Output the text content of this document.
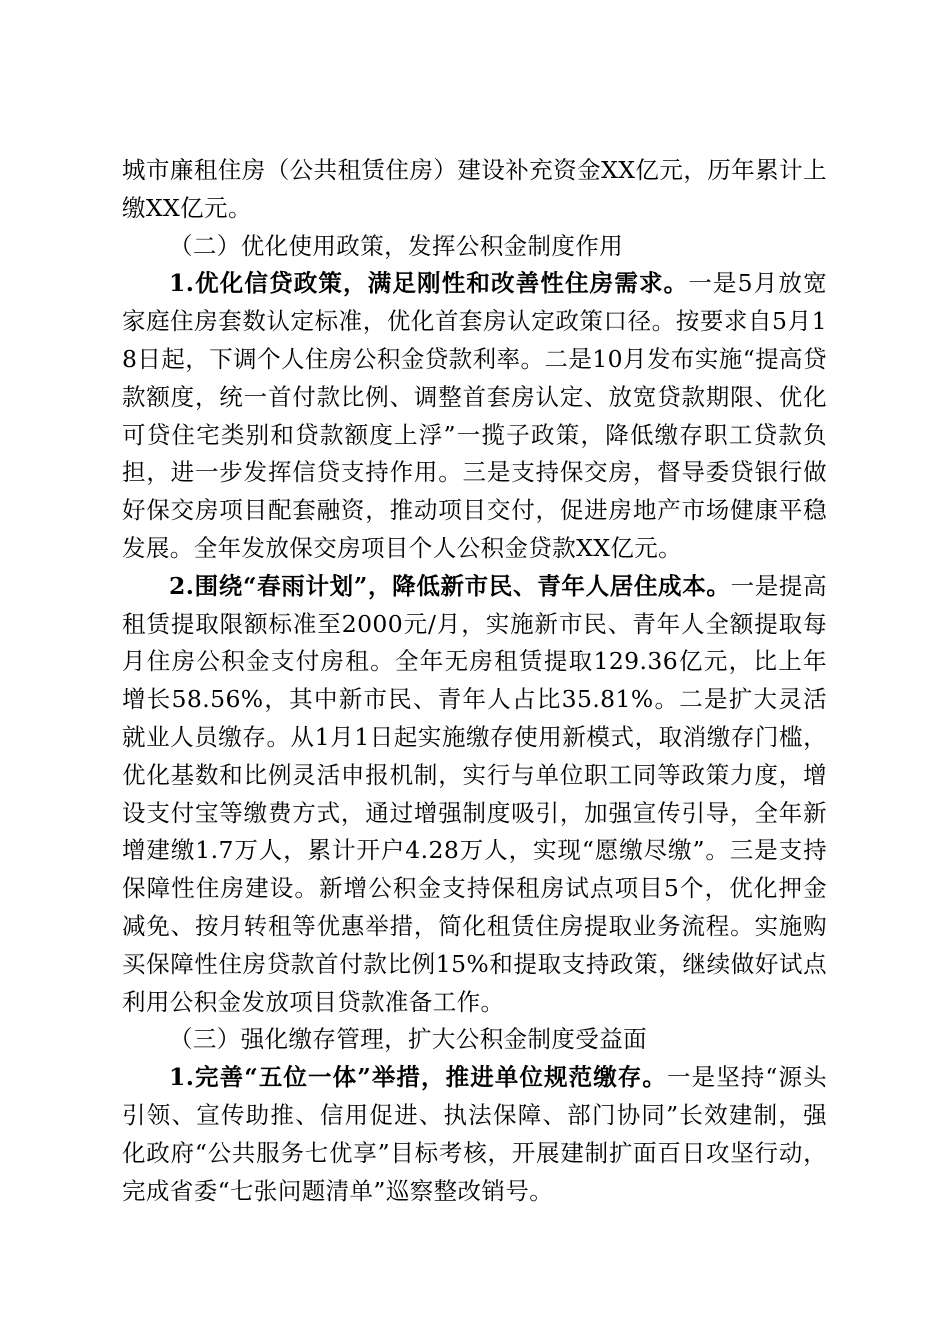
城市廉租住房（公共租赁住房）建设补充资金XX亿元，历年累计上缴XX亿元。

（二）优化使用政策，发挥公积金制度作用

1.优化信贷政策，满足刚性和改善性住房需求。一是5月放宽家庭住房套数认定标准，优化首套房认定政策口径。按要求自5月18日起，下调个人住房公积金贷款利率。二是10月发布实施“提高贷款额度，统一首付款比例、调整首套房认定、放宽贷款期限、优化可贷住宅类别和贷款额度上浮”一揽子政策，降低缴存职工贷款负担，进一步发挥信贷支持作用。三是支持保交房，督导委贷银行做好保交房项目配套融资，推动项目交付，促进房地产市场健康平稳发展。全年发放保交房项目个人公积金贷款XX亿元。

2.围绕“春雨计划”，降低新市民、青年人居住成本。一是提高租赁提取限额标准至2000元/月，实施新市民、青年人全额提取每月住房公积金支付房租。全年无房租赁提取129.36亿元，比上年增长58.56%，其中新市民、青年人占比35.81%。二是扩大灵活就业人员缴存。从1月1日起实施缴存使用新模式，取消缴存门槛，优化基数和比例灵活申报机制，实行与单位职工同等政策力度，增设支付宝等缴费方式，通过增强制度吸引，加强宣传引导，全年新增建缴1.7万人，累计开户4.28万人，实现“愿缴尽缴”。三是支持保障性住房建设。新增公积金支持保租房试点项目5个，优化押金减免、按月转租等优惠举措，简化租赁住房提取业务流程。实施购买保障性住房贷款首付款比例15%和提取支持政策，继续做好试点利用公积金发放项目贷款准备工作。

（三）强化缴存管理，扩大公积金制度受益面

1.完善“五位一体”举措，推进单位规范缴存。一是坚持“源头引领、宣传助推、信用促进、执法保障、部门协同”长效建制，强化政府“公共服务七优享”目标考核，开展建制扩面百日攻坚行动，完成省委“七张问题清单”巡察整改销号。
